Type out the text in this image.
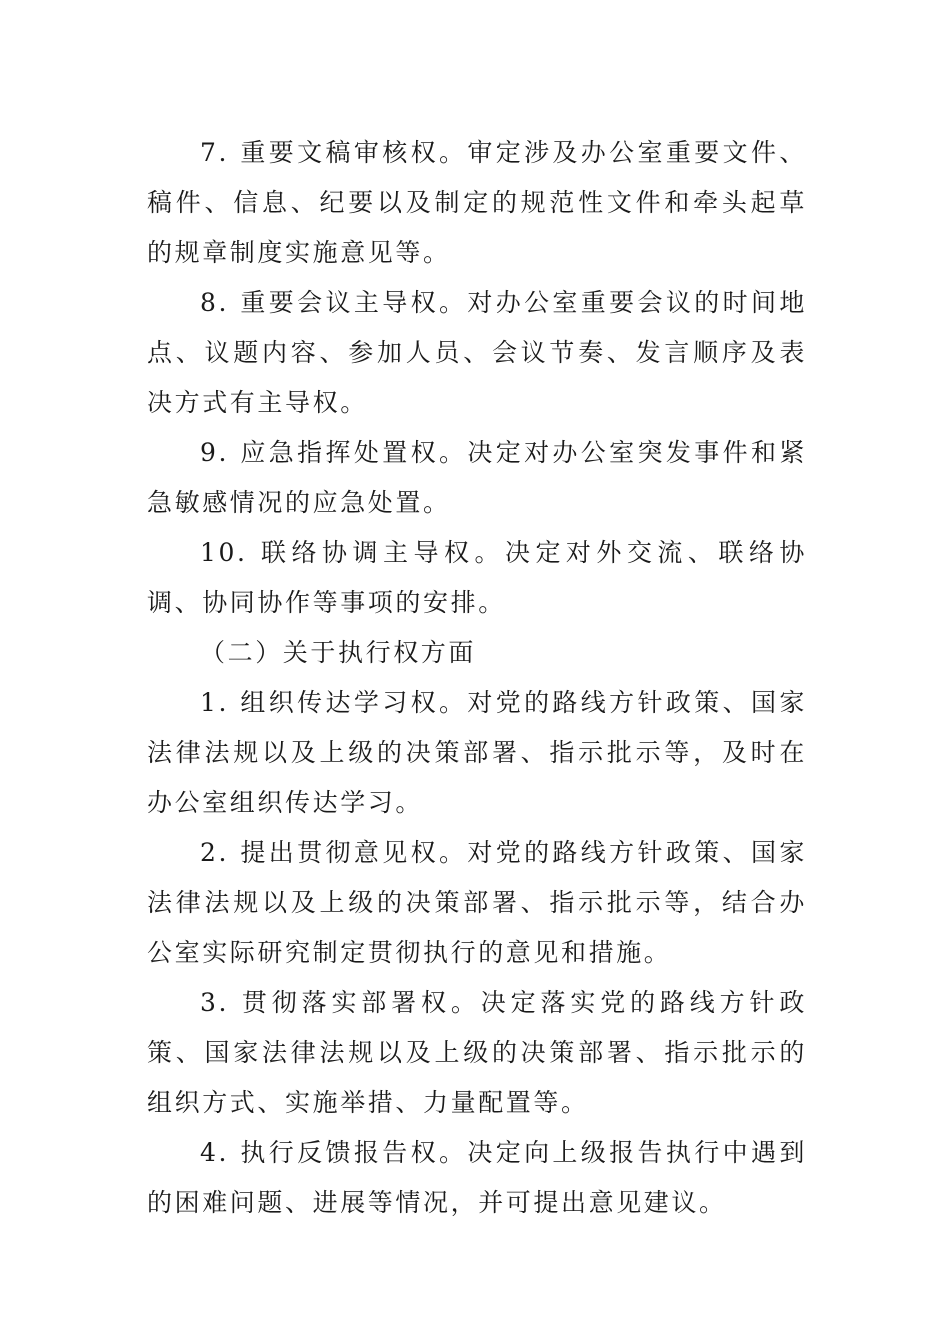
7. 重要文稿审核权。审定涉及办公室重要文件、稿件、信息、纪要以及制定的规范性文件和牵头起草的规章制度实施意见等。

8. 重要会议主导权。对办公室重要会议的时间地点、议题内容、参加人员、会议节奏、发言顺序及表决方式有主导权。

9. 应急指挥处置权。决定对办公室突发事件和紧急敏感情况的应急处置。

10. 联络协调主导权。决定对外交流、联络协调、协同协作等事项的安排。

（二）关于执行权方面

1. 组织传达学习权。对党的路线方针政策、国家法律法规以及上级的决策部署、指示批示等，及时在办公室组织传达学习。

2. 提出贯彻意见权。对党的路线方针政策、国家法律法规以及上级的决策部署、指示批示等，结合办公室实际研究制定贯彻执行的意见和措施。

3. 贯彻落实部署权。决定落实党的路线方针政策、国家法律法规以及上级的决策部署、指示批示的组织方式、实施举措、力量配置等。

4. 执行反馈报告权。决定向上级报告执行中遇到的困难问题、进展等情况，并可提出意见建议。
